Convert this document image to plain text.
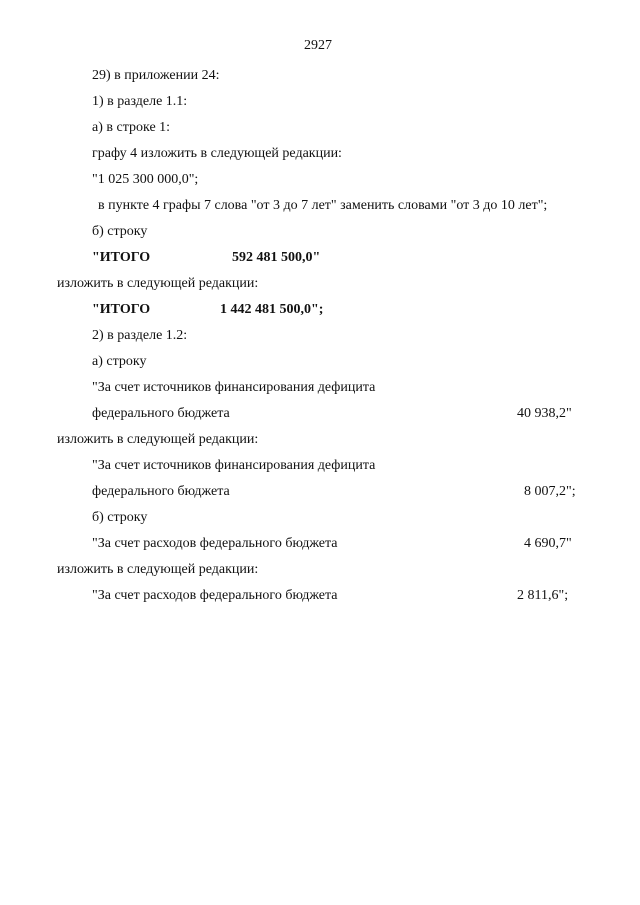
2927
29) в приложении 24:
1) в разделе 1.1:
а) в строке 1:
графу 4 изложить в следующей редакции:
"1 025 300 000,0";
в пункте 4 графы 7 слова "от 3 до 7 лет" заменить словами "от 3 до 10 лет";
б) строку
"ИТОГО	592 481 500,0"
изложить в следующей редакции:
"ИТОГО	1 442 481 500,0";
2) в разделе 1.2:
а) строку
"За счет источников финансирования дефицита
федерального бюджета	40 938,2"
изложить в следующей редакции:
"За счет источников финансирования дефицита
федерального бюджета	8 007,2";
б) строку
"За счет расходов федерального бюджета	4 690,7"
изложить в следующей редакции:
"За счет расходов федерального бюджета	2 811,6";
